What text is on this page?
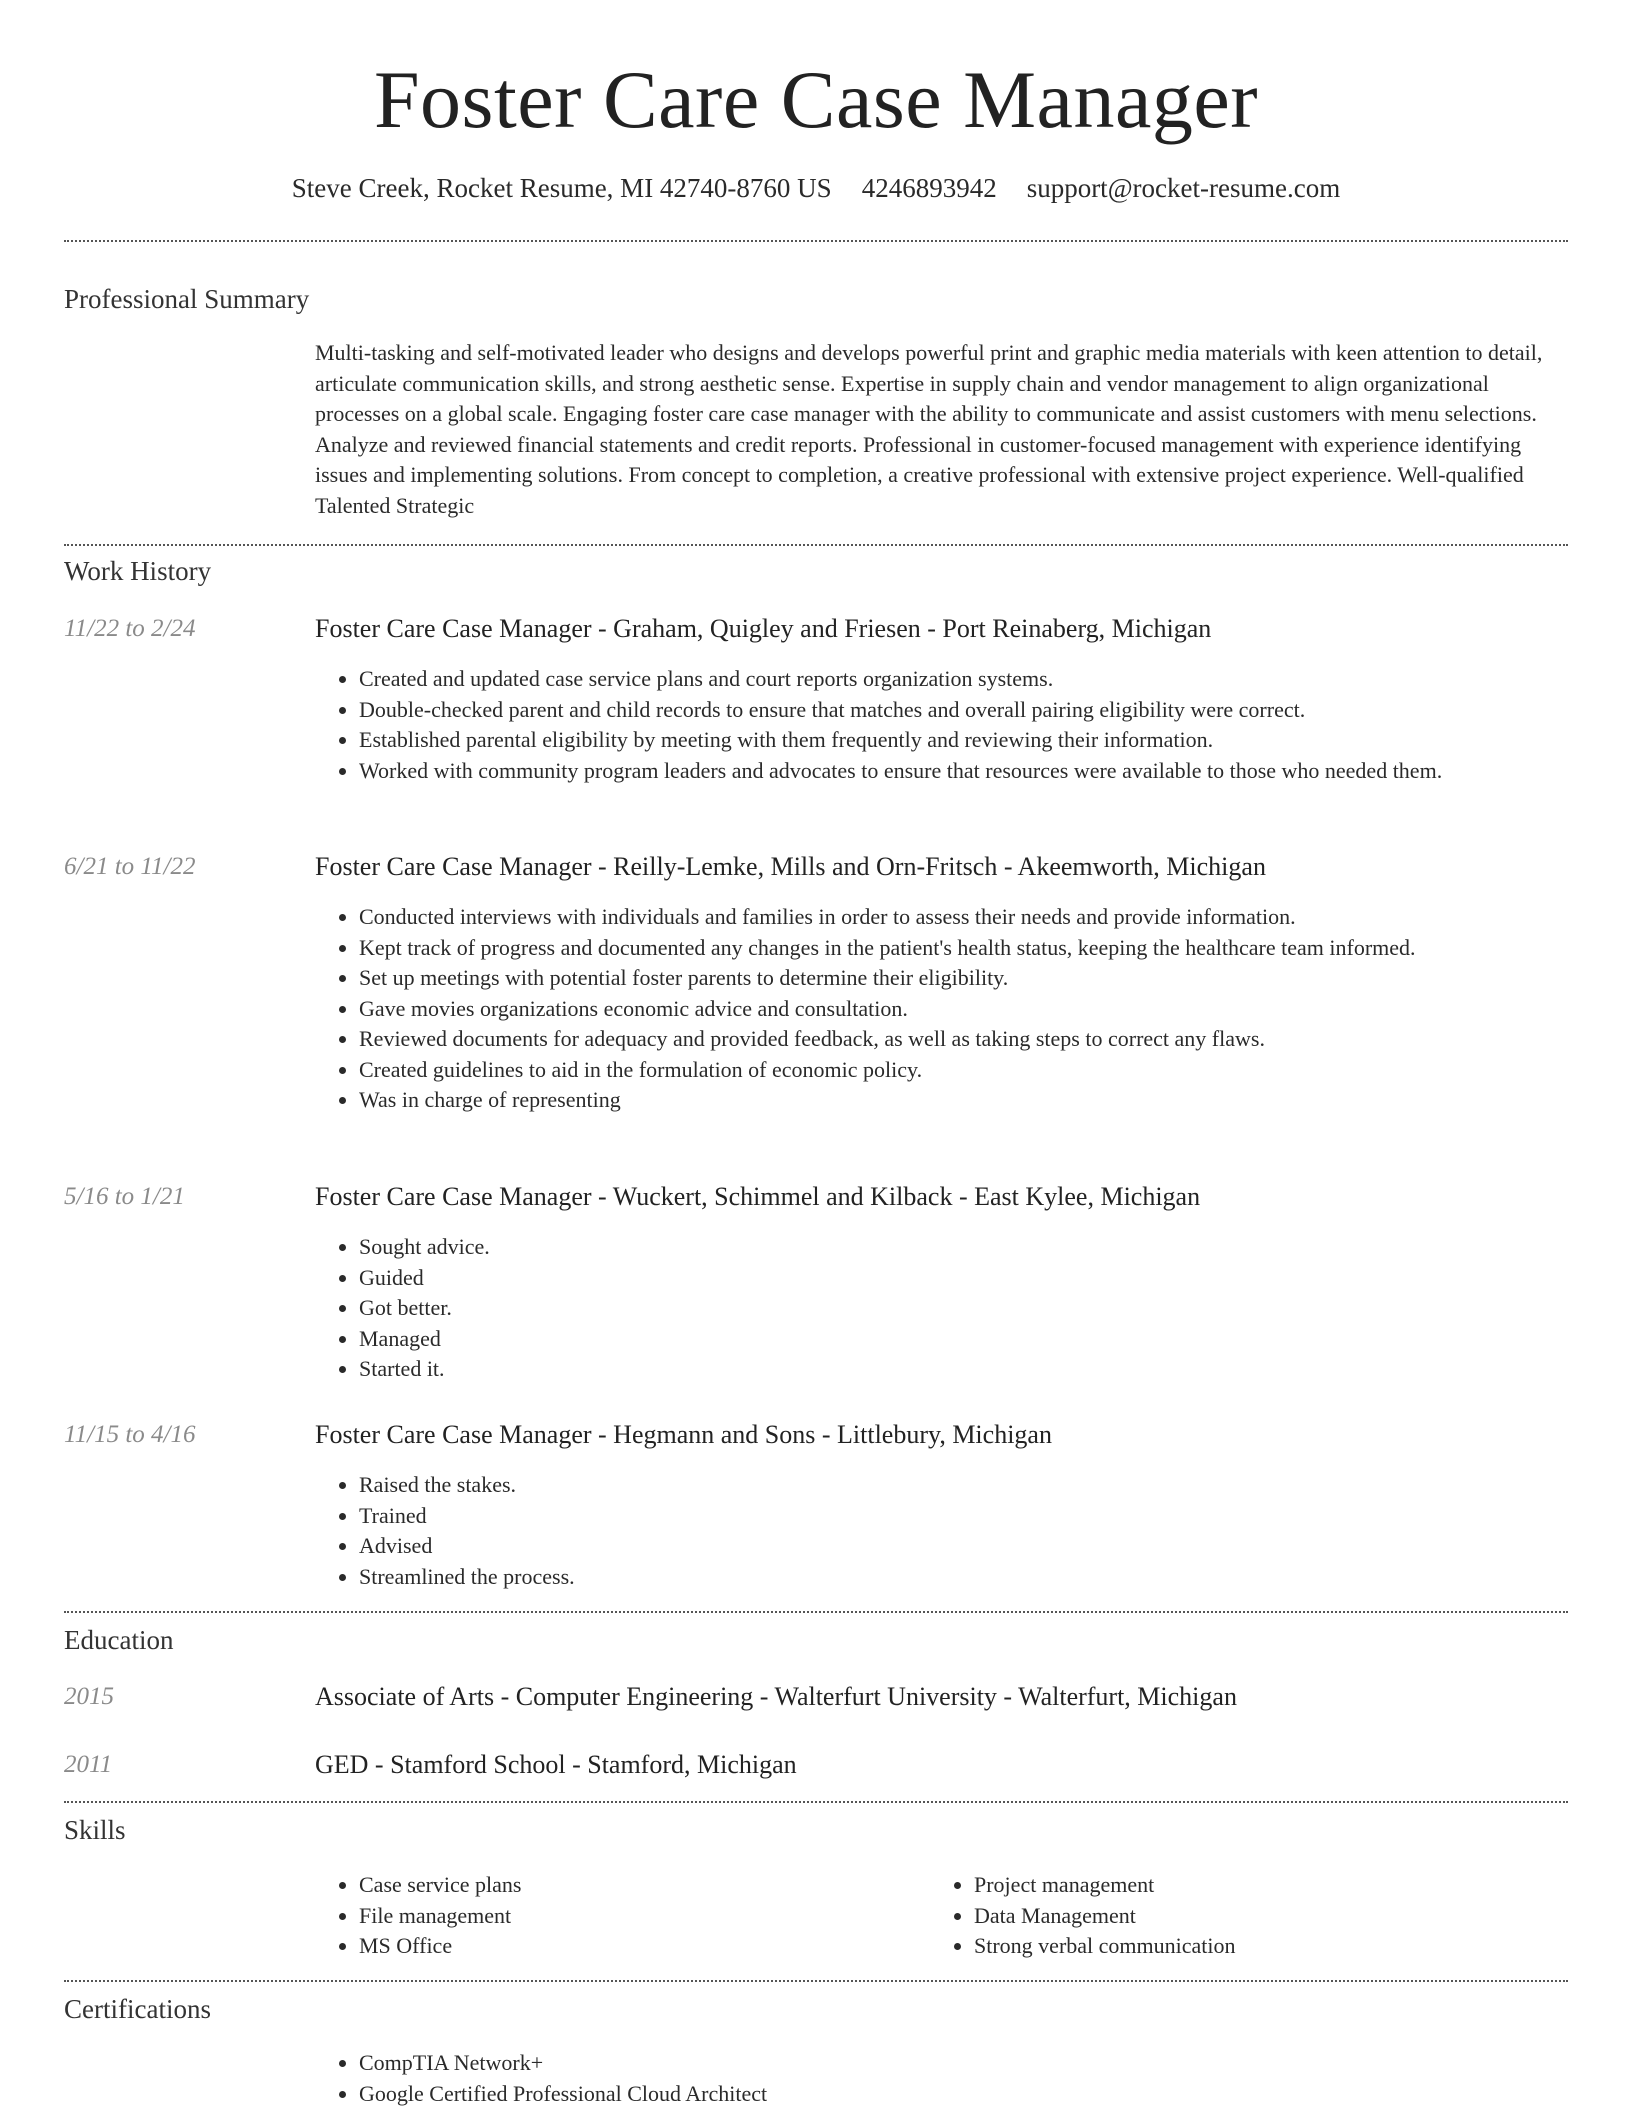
Foster Care Case Manager
Steve Creek, Rocket Resume, MI 42740-8760 US 4246893942 support@rocket-resume.com
Professional Summary
Multi-tasking and self-motivated leader who designs and develops powerful print and graphic media materials with keen attention to detail, articulate communication skills, and strong aesthetic sense. Expertise in supply chain and vendor management to align organizational processes on a global scale. Engaging foster care case manager with the ability to communicate and assist customers with menu selections. Analyze and reviewed financial statements and credit reports. Professional in customer-focused management with experience identifying issues and implementing solutions. From concept to completion, a creative professional with extensive project experience. Well-qualified Talented Strategic
Work History
11/22 to 2/24	Foster Care Case Manager - Graham, Quigley and Friesen - Port Reinaberg, Michigan
• Created and updated case service plans and court reports organization systems.
• Double-checked parent and child records to ensure that matches and overall pairing eligibility were correct.
• Established parental eligibility by meeting with them frequently and reviewing their information.
• Worked with community program leaders and advocates to ensure that resources were available to those who needed them.
6/21 to 11/22	Foster Care Case Manager - Reilly-Lemke, Mills and Orn-Fritsch - Akeemworth, Michigan
• Conducted interviews with individuals and families in order to assess their needs and provide information.
• Kept track of progress and documented any changes in the patient's health status, keeping the healthcare team informed.
• Set up meetings with potential foster parents to determine their eligibility.
• Gave movies organizations economic advice and consultation.
• Reviewed documents for adequacy and provided feedback, as well as taking steps to correct any flaws.
• Created guidelines to aid in the formulation of economic policy.
• Was in charge of representing
5/16 to 1/21	Foster Care Case Manager - Wuckert, Schimmel and Kilback - East Kylee, Michigan
• Sought advice.
• Guided
• Got better.
• Managed
• Started it.
11/15 to 4/16	Foster Care Case Manager - Hegmann and Sons - Littlebury, Michigan
• Raised the stakes.
• Trained
• Advised
• Streamlined the process.
Education
2015	Associate of Arts - Computer Engineering - Walterfurt University - Walterfurt, Michigan
2011	GED - Stamford School - Stamford, Michigan
Skills
• Case service plans
• File management
• MS Office
• Project management
• Data Management
• Strong verbal communication
Certifications
• CompTIA Network+
• Google Certified Professional Cloud Architect
